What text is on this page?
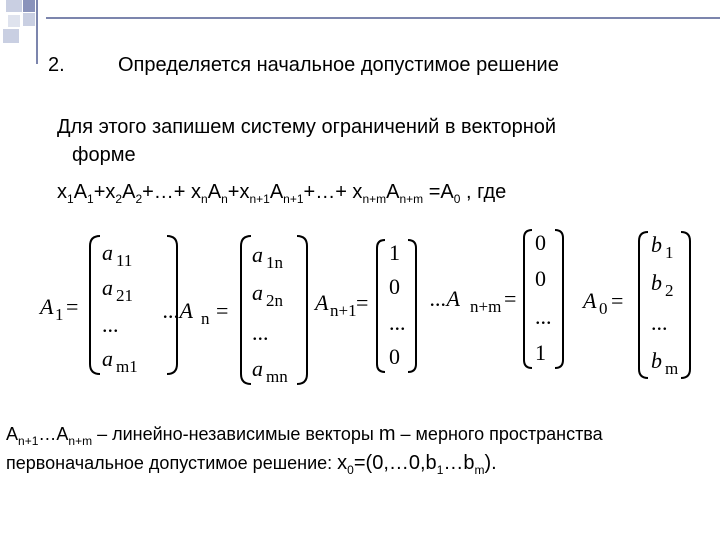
2.	Определяется начальное допустимое решение
Для этого запишем систему ограничений в векторной
форме
$x_1A_1+x_2A_2+\dots+$ $x_nA_n+x_{n+1}A_{n+1}+\dots+ x_{n+m}A_{n+m} =A_0$ , где
A 1 =
a 11
a 21
...
a m1
...A n =
a 1n
a 2n
...
a mn
A n+1 =
1
0
...
0
...A n+m =
0
0
...
1
A 0 =
b 1
b 2
...
b m
$A_{n+1}\dots A_{n+m}$ – линейно-независимые векторы m – мерного пространства
первоначальное допустимое решение: $x_0=(0,\dots 0,b_1\dots b_m)$.
